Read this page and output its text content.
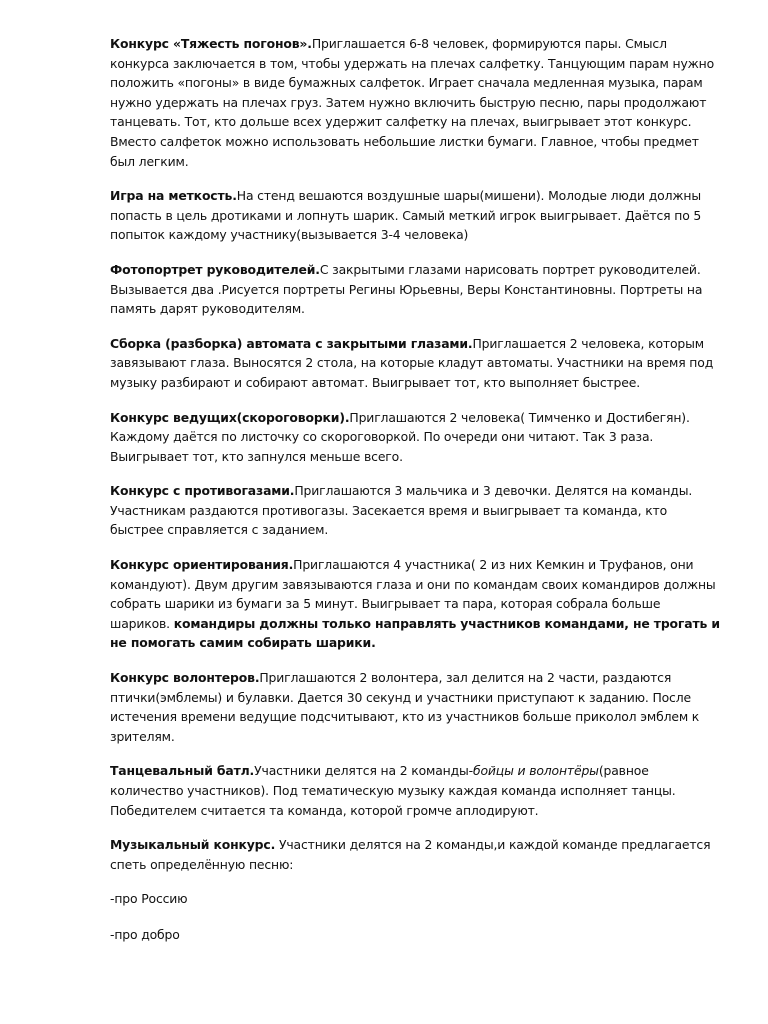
Конкурс «Тяжесть погонов».Приглашается 6-8 человек, формируются пары. Смысл конкурса заключается в том, чтобы удержать на плечах салфетку. Танцующим парам нужно положить «погоны» в виде бумажных салфеток. Играет сначала медленная музыка, парам нужно удержать на плечах груз. Затем нужно включить быструю песню, пары продолжают танцевать. Тот, кто дольше всех удержит салфетку на плечах, выигрывает этот конкурс. Вместо салфеток можно использовать небольшие листки бумаги. Главное, чтобы предмет был легким.

Игра на меткость.На стенд вешаются воздушные шары(мишени). Молодые люди должны попасть в цель дротиками и лопнуть шарик. Самый меткий игрок выигрывает. Даётся по 5 попыток каждому участнику(вызывается 3-4 человека)

Фотопортрет руководителей.С закрытыми глазами нарисовать портрет руководителей. Вызывается два .Рисуется портреты Регины Юрьевны, Веры Константиновны. Портреты на память дарят руководителям.

Сборка (разборка) автомата с закрытыми глазами.Приглашается 2 человека, которым завязывают глаза. Выносятся 2 стола, на которые кладут автоматы. Участники на время под музыку разбирают и собирают автомат. Выигрывает тот, кто выполняет быстрее.

Конкурс ведущих(скороговорки).Приглашаются 2 человека( Тимченко и Достибегян). Каждому даётся по листочку со скороговоркой. По очереди они читают. Так 3 раза. Выигрывает тот, кто запнулся меньше всего.

Конкурс с противогазами.Приглашаются 3 мальчика и 3 девочки. Делятся на команды. Участникам раздаются противогазы. Засекается время и выигрывает та команда, кто быстрее справляется с заданием.

Конкурс ориентирования.Приглашаются 4 участника( 2 из них Кемкин и Труфанов, они командуют). Двум другим завязываются глаза и они по командам своих командиров должны собрать шарики из бумаги за 5 минут. Выигрывает та пара, которая собрала больше шариков. командиры должны только направлять участников командами, не трогать и не помогать самим собирать шарики.

Конкурс волонтеров.Приглашаются 2 волонтера, зал делится на 2 части, раздаются птички(эмблемы) и булавки. Дается 30 секунд и участники приступают к заданию. После истечения времени ведущие подсчитывают, кто из участников больше приколол эмблем к зрителям.

Танцевальный батл.Участники делятся на 2 команды-бойцы и волонтёры(равное количество участников). Под тематическую музыку каждая команда исполняет танцы. Победителем считается та команда, которой громче аплодируют.

Музыкальный конкурс. Участники делятся на 2 команды,и каждой команде предлагается спеть определённую песню:

-про Россию

-про добро
